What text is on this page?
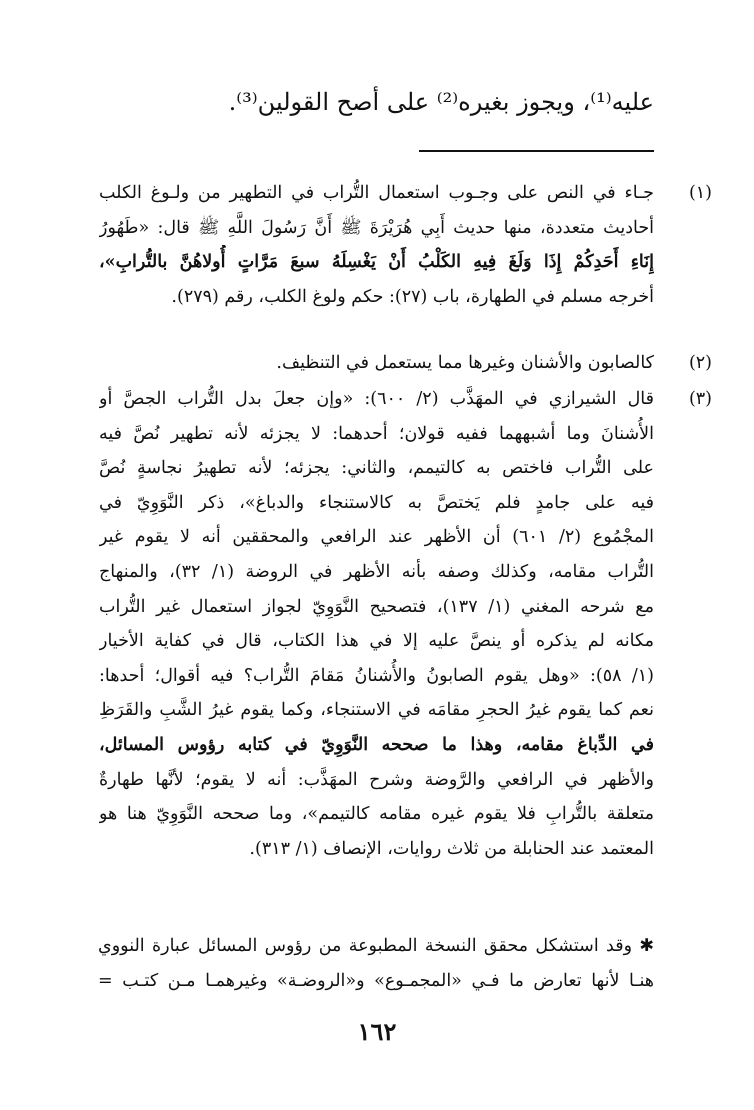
عليه⁽¹⁾، ويجوز بغيره⁽²⁾ على أصح القولين⁽³⁾.
(١)
جـاء في النص على وجـوب استعمال التُّراب في التطهير من ولـوغ الكلب
أحاديث متعددة، منها حديث أَبِي هُرَيْرَةَ ﷺ أَنَّ رَسُولَ اللَّهِ ﷺ قال: «طَهُورُ
إِنَاءِ أَحَدِكُمْ إِذَا وَلَغَ فِيهِ الكَلْبُ أَنْ يَغْسِلَهُ سبعَ مَرَّاتٍ أُولاهُنَّ بالتُّرابِ»،
أخرجه مسلم في الطهارة، باب (٢٧): حكم ولوغ الكلب، رقم (٢٧٩).
(٢)
كالصابون والأشنان وغيرها مما يستعمل في التنظيف.
(٣)
قال الشيرازي في المهَذَّب (٢/ ٦٠٠): «وإن جعلَ بدل التُّراب الجصَّ أو
الأُشنانَ وما أشبههما ففيه قولان؛ أحدهما: لا يجزئه لأنه تطهير نُصَّ فيه
على التُّراب فاختص به كالتيمم، والثاني: يجزئه؛ لأنه تطهيرُ نجاسةٍ نُصَّ
فيه على جامدٍ فلم يَختصَّ به كالاستنجاء والدباغ»، ذكر النَّوَوِيّ في
المجْمُوع (٢/ ٦٠١) أن الأظهر عند الرافعي والمحققين أنه لا يقوم غير
التُّراب مقامه، وكذلك وصفه بأنه الأظهر في الروضة (١/ ٣٢)، والمنهاج
مع شرحه المغني (١/ ١٣٧)، فتصحيح النَّوَوِيّ لجواز استعمال غير التُّراب
مكانه لم يذكره أو ينصَّ عليه إلا في هذا الكتاب، قال في كفاية الأخيار
(١/ ٥٨): «وهل يقوم الصابونُ والأُشنانُ مَقامَ التُّراب؟ فيه أقوال؛ أحدها:
نعم كما يقوم غيرُ الحجرِ مقامَه في الاستنجاء، وكما يقوم غيرُ الشَّبِ والقَرَظِ
في الدِّباغ مقامه، وهذا ما صححه النَّوَوِيّ في كتابه رؤوس المسائل،
والأظهر في الرافعي والرَّوضة وشرح المهَذَّب: أنه لا يقوم؛ لأنَّها طهارةٌ
متعلقة بالتُّرابِ فلا يقوم غيره مقامه كالتيمم»، وما صححه النَّوَوِيّ هنا هو
المعتمد عند الحنابلة من ثلاث روايات، الإنصاف (١/ ٣١٣).
✱ وقد استشكل محقق النسخة المطبوعة من رؤوس المسائل عبارة النووي
هنـا لأنها تعارض ما فـي «المجمـوع» و«الروضـة» وغيرهمـا مـن كتـب =
١٦٢
